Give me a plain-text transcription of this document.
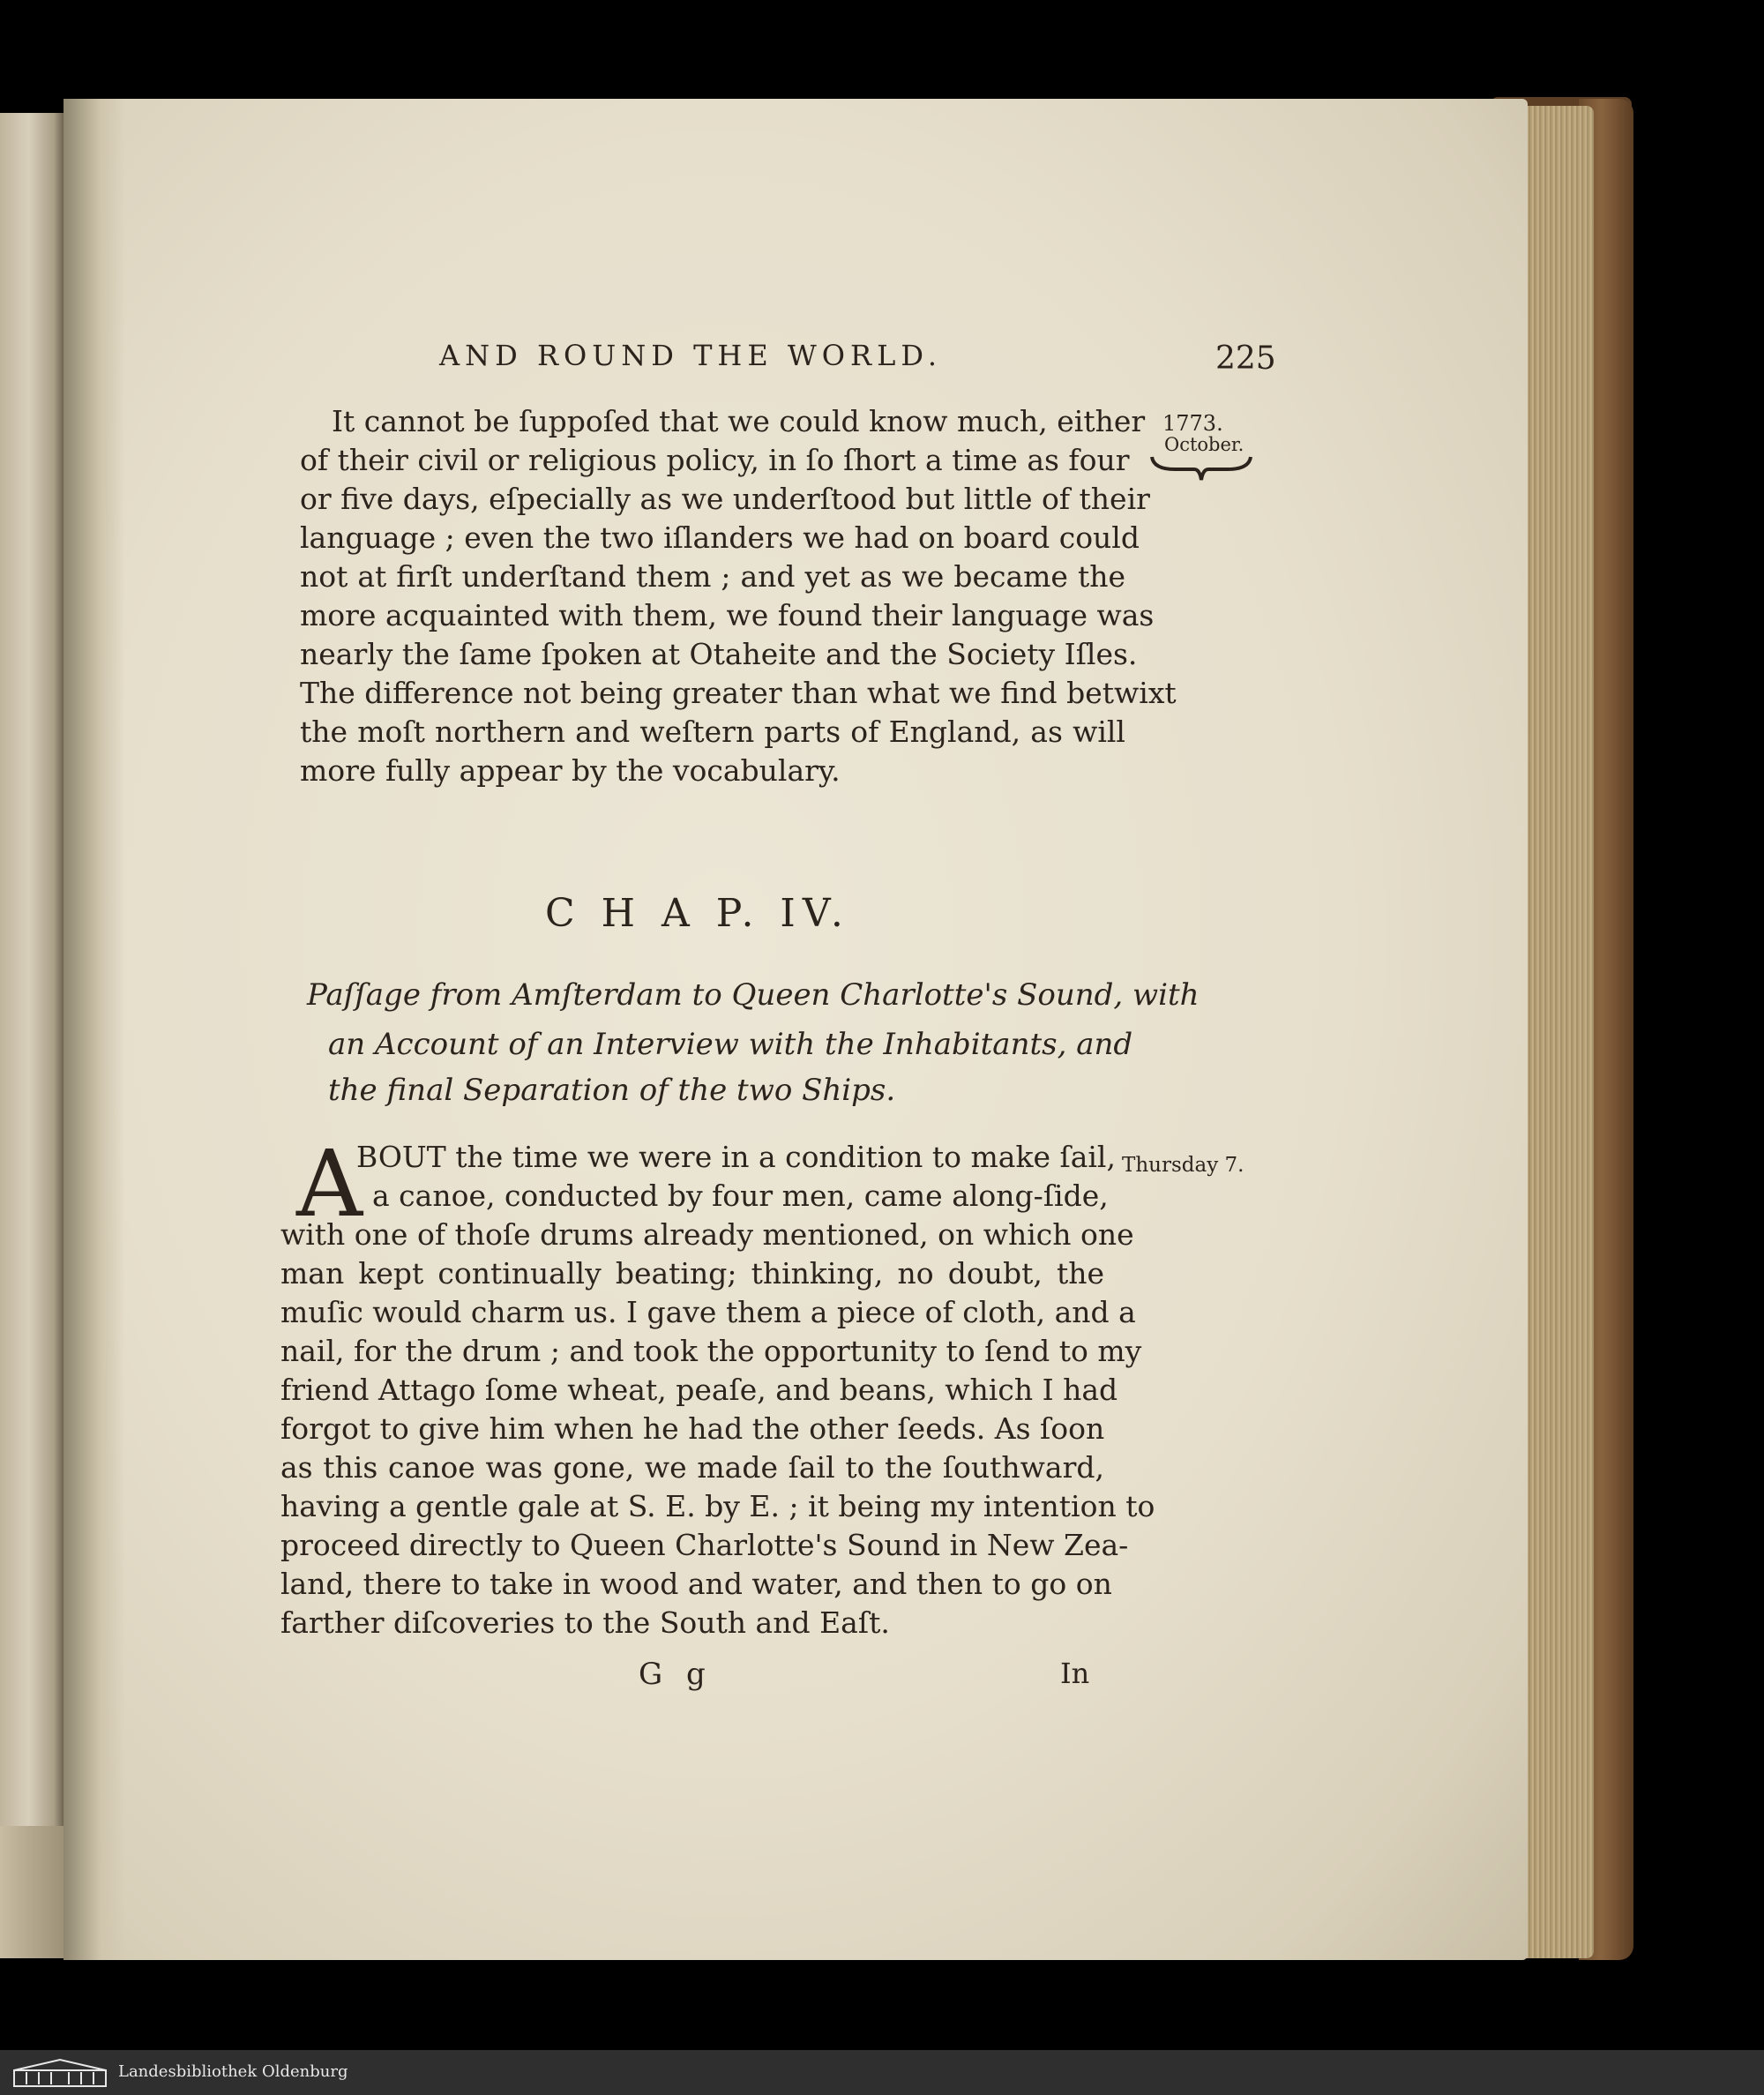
AND ROUND THE WORLD.	225
1773.
October.
It cannot be ſuppoſed that we could know much, either
of their civil or religious policy, in ſo ſhort a time as four
or five days, eſpecially as we underſtood but little of their
language ; even the two iſlanders we had on board could
not at firſt underſtand them ; and yet as we became the
more acquainted with them, we found their language was
nearly the ſame ſpoken at Otaheite and the Society Iſles.
The difference not being greater than what we find betwixt
the moſt northern and weſtern parts of England, as will
more fully appear by the vocabulary.
C H A P. IV.
Paſſage from Amſterdam to Queen Charlotte's Sound, with
an Account of an Interview with the Inhabitants, and
the final Separation of the two Ships.
A	Thursday 7.
BOUT the time we were in a condition to make ſail,
a canoe, conducted by four men, came along-ſide,
with one of thoſe drums already mentioned, on which one
man kept continually beating; thinking, no doubt, the
muſic would charm us. I gave them a piece of cloth, and a
nail, for the drum ; and took the opportunity to ſend to my
friend Attago ſome wheat, peaſe, and beans, which I had
forgot to give him when he had the other ſeeds. As ſoon
as this canoe was gone, we made ſail to the ſouthward,
having a gentle gale at S. E. by E. ; it being my intention to
proceed directly to Queen Charlotte's Sound in New Zea-
land, there to take in wood and water, and then to go on
farther diſcoveries to the South and Eaſt.
G g	In
Landesbibliothek Oldenburg
